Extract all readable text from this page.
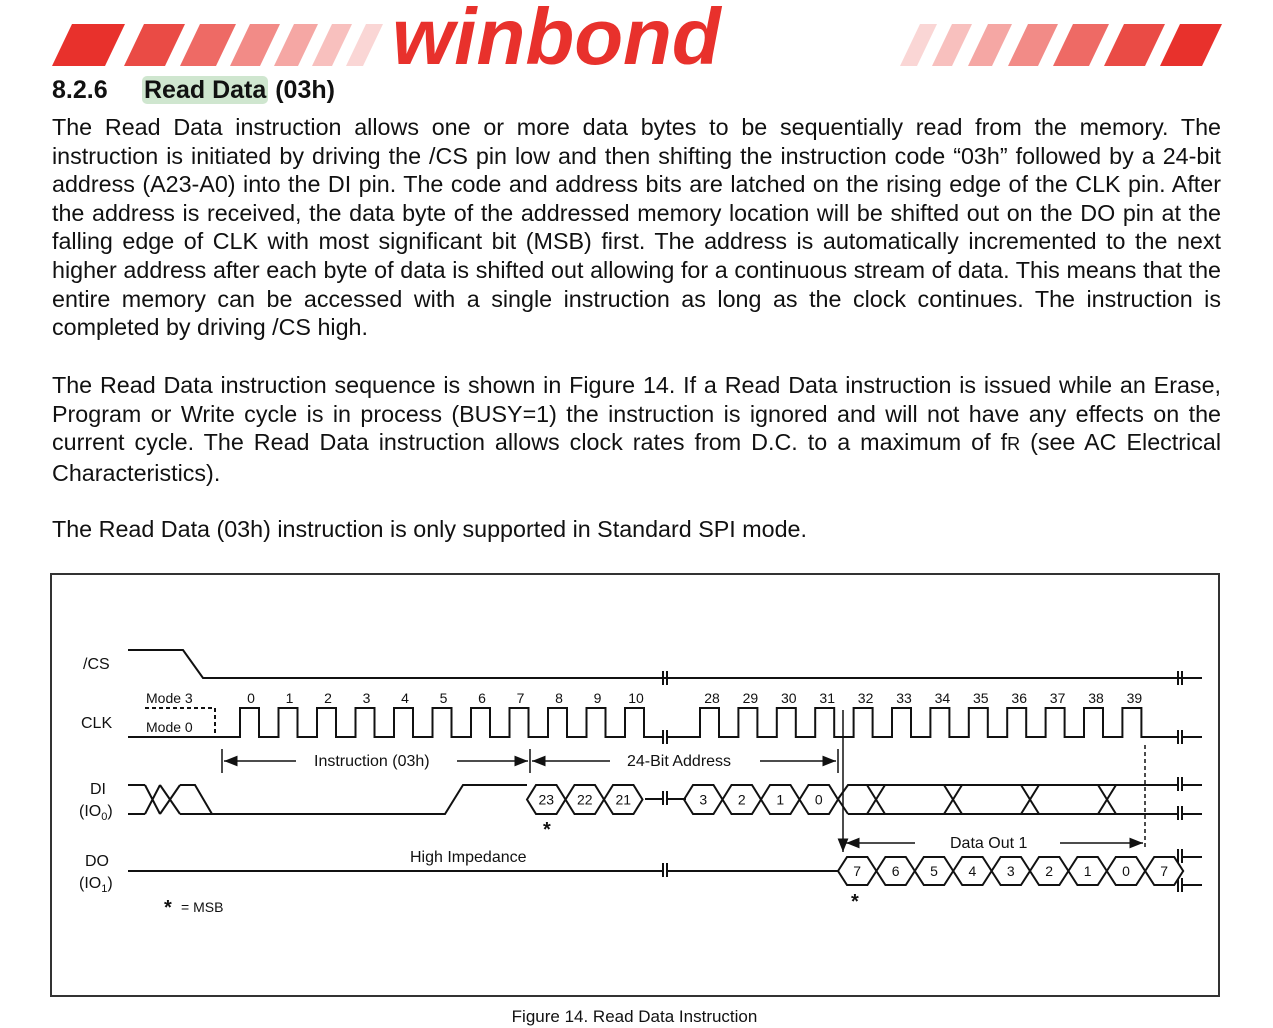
winbond
8.2.6 Read Data (03h)

The Read Data instruction allows one or more data bytes to be sequentially read from the memory. The instruction is initiated by driving the /CS pin low and then shifting the instruction code “03h” followed by a 24-bit address (A23-A0) into the DI pin. The code and address bits are latched on the rising edge of the CLK pin. After the address is received, the data byte of the addressed memory location will be shifted out on the DO pin at the falling edge of CLK with most significant bit (MSB) first. The address is automatically incremented to the next higher address after each byte of data is shifted out allowing for a continuous stream of data. This means that the entire memory can be accessed with a single instruction as long as the clock continues. The instruction is completed by driving /CS high.

The Read Data instruction sequence is shown in Figure 14. If a Read Data instruction is issued while an Erase, Program or Write cycle is in process (BUSY=1) the instruction is ignored and will not have any effects on the current cycle. The Read Data instruction allows clock rates from D.C. to a maximum of fR (see AC Electrical Characteristics).

The Read Data (03h) instruction is only supported in Standard SPI mode.

/CS
CLK
DI
$(IO_0)$
DO
$(IO_1)$
Mode 3
Mode 0
0 1 2 3 4 5 6 7 8 9 10	28 29 30 31 32 33 34 35 36 37 38 39
Instruction (03h)	24-Bit Address
23 22 21	3 2 1 0
*
Data Out 1
High Impedance
7 6 5 4 3 2 1 0 7
*
* = MSB
Figure 14. Read Data Instruction
